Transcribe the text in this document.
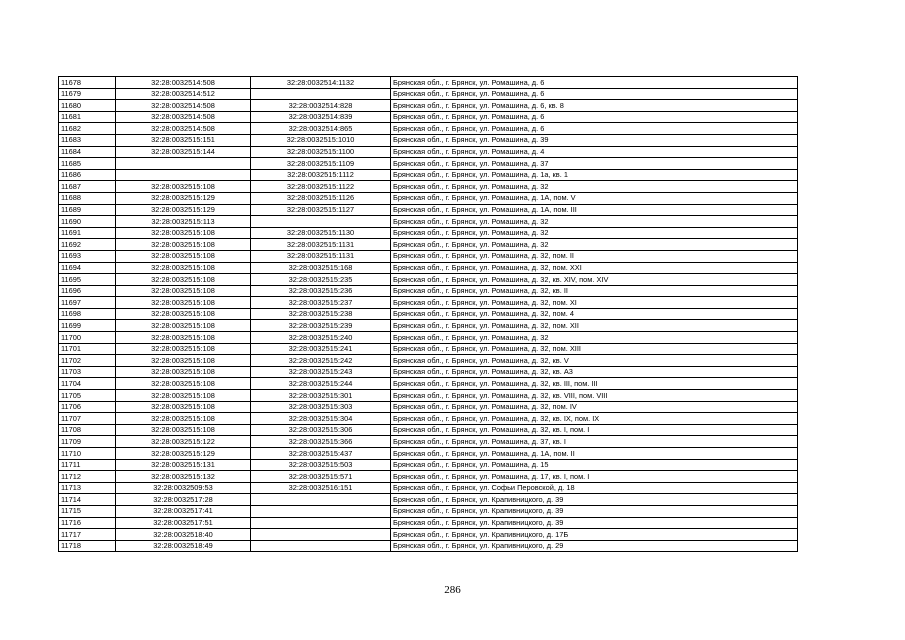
11678	32:28:0032514:508	32:28:0032514:1132	Брянская обл., г. Брянск, ул. Ромашина, д. 6
11679	32:28:0032514:512		Брянская обл., г. Брянск, ул. Ромашина, д. 6
11680	32:28:0032514:508	32:28:0032514:828	Брянская обл., г. Брянск, ул. Ромашина, д. 6, кв. 8
11681	32:28:0032514:508	32:28:0032514:839	Брянская обл., г. Брянск, ул. Ромашина, д. 6
11682	32:28:0032514:508	32:28:0032514:865	Брянская обл., г. Брянск, ул. Ромашина, д. 6
11683	32:28:0032515:151	32:28:0032515:1010	Брянская обл., г. Брянск, ул. Ромашина, д. 39
11684	32:28:0032515:144	32:28:0032515:1100	Брянская обл., г. Брянск, ул. Ромашина, д. 4
11685		32:28:0032515:1109	Брянская обл., г. Брянск, ул. Ромашина, д. 37
11686		32:28:0032515:1112	Брянская обл., г. Брянск, ул. Ромашина, д. 1а, кв. 1
11687	32:28:0032515:108	32:28:0032515:1122	Брянская обл., г. Брянск, ул. Ромашина, д. 32
11688	32:28:0032515:129	32:28:0032515:1126	Брянская обл., г. Брянск, ул. Ромашина, д. 1А, пом. V
11689	32:28:0032515:129	32:28:0032515:1127	Брянская обл., г. Брянск, ул. Ромашина, д. 1А, пом. III
11690	32:28:0032515:113		Брянская обл., г. Брянск, ул. Ромашина, д. 32
11691	32:28:0032515:108	32:28:0032515:1130	Брянская обл., г. Брянск, ул. Ромашина, д. 32
11692	32:28:0032515:108	32:28:0032515:1131	Брянская обл., г. Брянск, ул. Ромашина, д. 32
11693	32:28:0032515:108	32:28:0032515:1131	Брянская обл., г. Брянск, ул. Ромашина, д. 32, пом. II
11694	32:28:0032515:108	32:28:0032515:168	Брянская обл., г. Брянск, ул. Ромашина, д. 32, пом. XXI
11695	32:28:0032515:108	32:28:0032515:235	Брянская обл., г. Брянск, ул. Ромашина, д. 32, кв. XIV, пом. XIV
11696	32:28:0032515:108	32:28:0032515:236	Брянская обл., г. Брянск, ул. Ромашина, д. 32, кв. II
11697	32:28:0032515:108	32:28:0032515:237	Брянская обл., г. Брянск, ул. Ромашина, д. 32, пом. XI
11698	32:28:0032515:108	32:28:0032515:238	Брянская обл., г. Брянск, ул. Ромашина, д. 32, пом. 4
11699	32:28:0032515:108	32:28:0032515:239	Брянская обл., г. Брянск, ул. Ромашина, д. 32, пом. XII
11700	32:28:0032515:108	32:28:0032515:240	Брянская обл., г. Брянск, ул. Ромашина, д. 32
11701	32:28:0032515:108	32:28:0032515:241	Брянская обл., г. Брянск, ул. Ромашина, д. 32, пом. XIII
11702	32:28:0032515:108	32:28:0032515:242	Брянская обл., г. Брянск, ул. Ромашина, д. 32, кв. V
11703	32:28:0032515:108	32:28:0032515:243	Брянская обл., г. Брянск, ул. Ромашина, д. 32, кв. А3
11704	32:28:0032515:108	32:28:0032515:244	Брянская обл., г. Брянск, ул. Ромашина, д. 32, кв. III, пом. III
11705	32:28:0032515:108	32:28:0032515:301	Брянская обл., г. Брянск, ул. Ромашина, д. 32, кв. VIII, пом. VIII
11706	32:28:0032515:108	32:28:0032515:303	Брянская обл., г. Брянск, ул. Ромашина, д. 32, пом. IV
11707	32:28:0032515:108	32:28:0032515:304	Брянская обл., г. Брянск, ул. Ромашина, д. 32, кв. IX, пом. IX
11708	32:28:0032515:108	32:28:0032515:306	Брянская обл., г. Брянск, ул. Ромашина, д. 32, кв. I, пом. I
11709	32:28:0032515:122	32:28:0032515:366	Брянская обл., г. Брянск, ул. Ромашина, д. 37, кв. I
11710	32:28:0032515:129	32:28:0032515:437	Брянская обл., г. Брянск, ул. Ромашина, д. 1А, пом. II
11711	32:28:0032515:131	32:28:0032515:503	Брянская обл., г. Брянск, ул. Ромашина, д. 15
11712	32:28:0032515:132	32:28:0032515:571	Брянская обл., г. Брянск, ул. Ромашина, д. 17, кв. I, пом. I
11713	32:28:0032509:53	32:28:0032516:151	Брянская обл., г. Брянск, ул. Софьи Перовской, д. 18
11714	32:28:0032517:28		Брянская обл., г. Брянск, ул. Крапивницкого, д. 39
11715	32:28:0032517:41		Брянская обл., г. Брянск, ул. Крапивницкого, д. 39
11716	32:28:0032517:51		Брянская обл., г. Брянск, ул. Крапивницкого, д. 39
11717	32:28:0032518:40		Брянская обл., г. Брянск, ул. Крапивницкого, д. 17Б
11718	32:28:0032518:49		Брянская обл., г. Брянск, ул. Крапивницкого, д. 29
286
